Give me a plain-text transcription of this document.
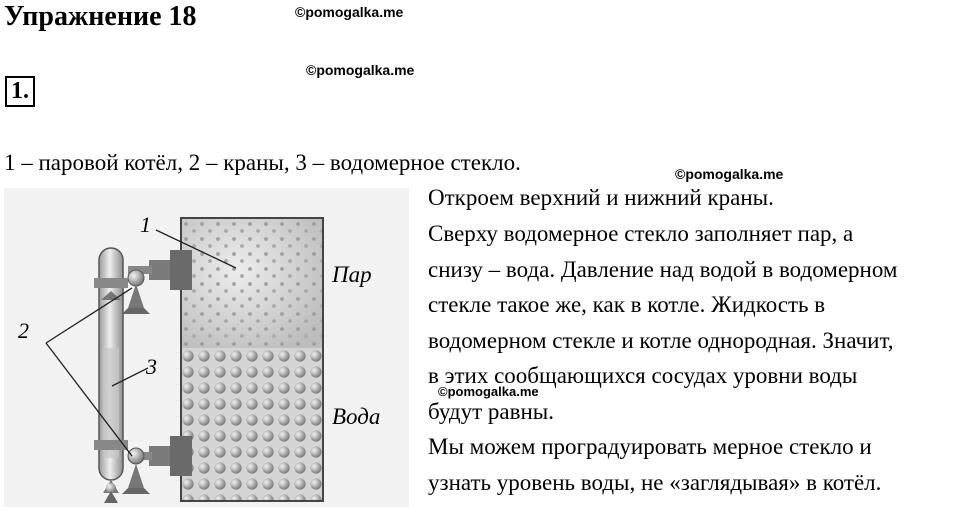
Упражнение 18	©pomogalka.me
©pomogalka.me
©pomogalka.me
©pomogalka.me
1.
1 – паровой котёл, 2 – краны, 3 – водомерное стекло.
1
2
3
Пар
Вода
Откроем верхний и нижний краны.
Сверху водомерное стекло заполняет пар, а
снизу – вода. Давление над водой в водомерном
стекле такое же, как в котле. Жидкость в
водомерном стекле и котле однородная. Значит,
в этих сообщающихся сосудах уровни воды
будут равны.
Мы можем проградуировать мерное стекло и
узнать уровень воды, не «заглядывая» в котёл.
